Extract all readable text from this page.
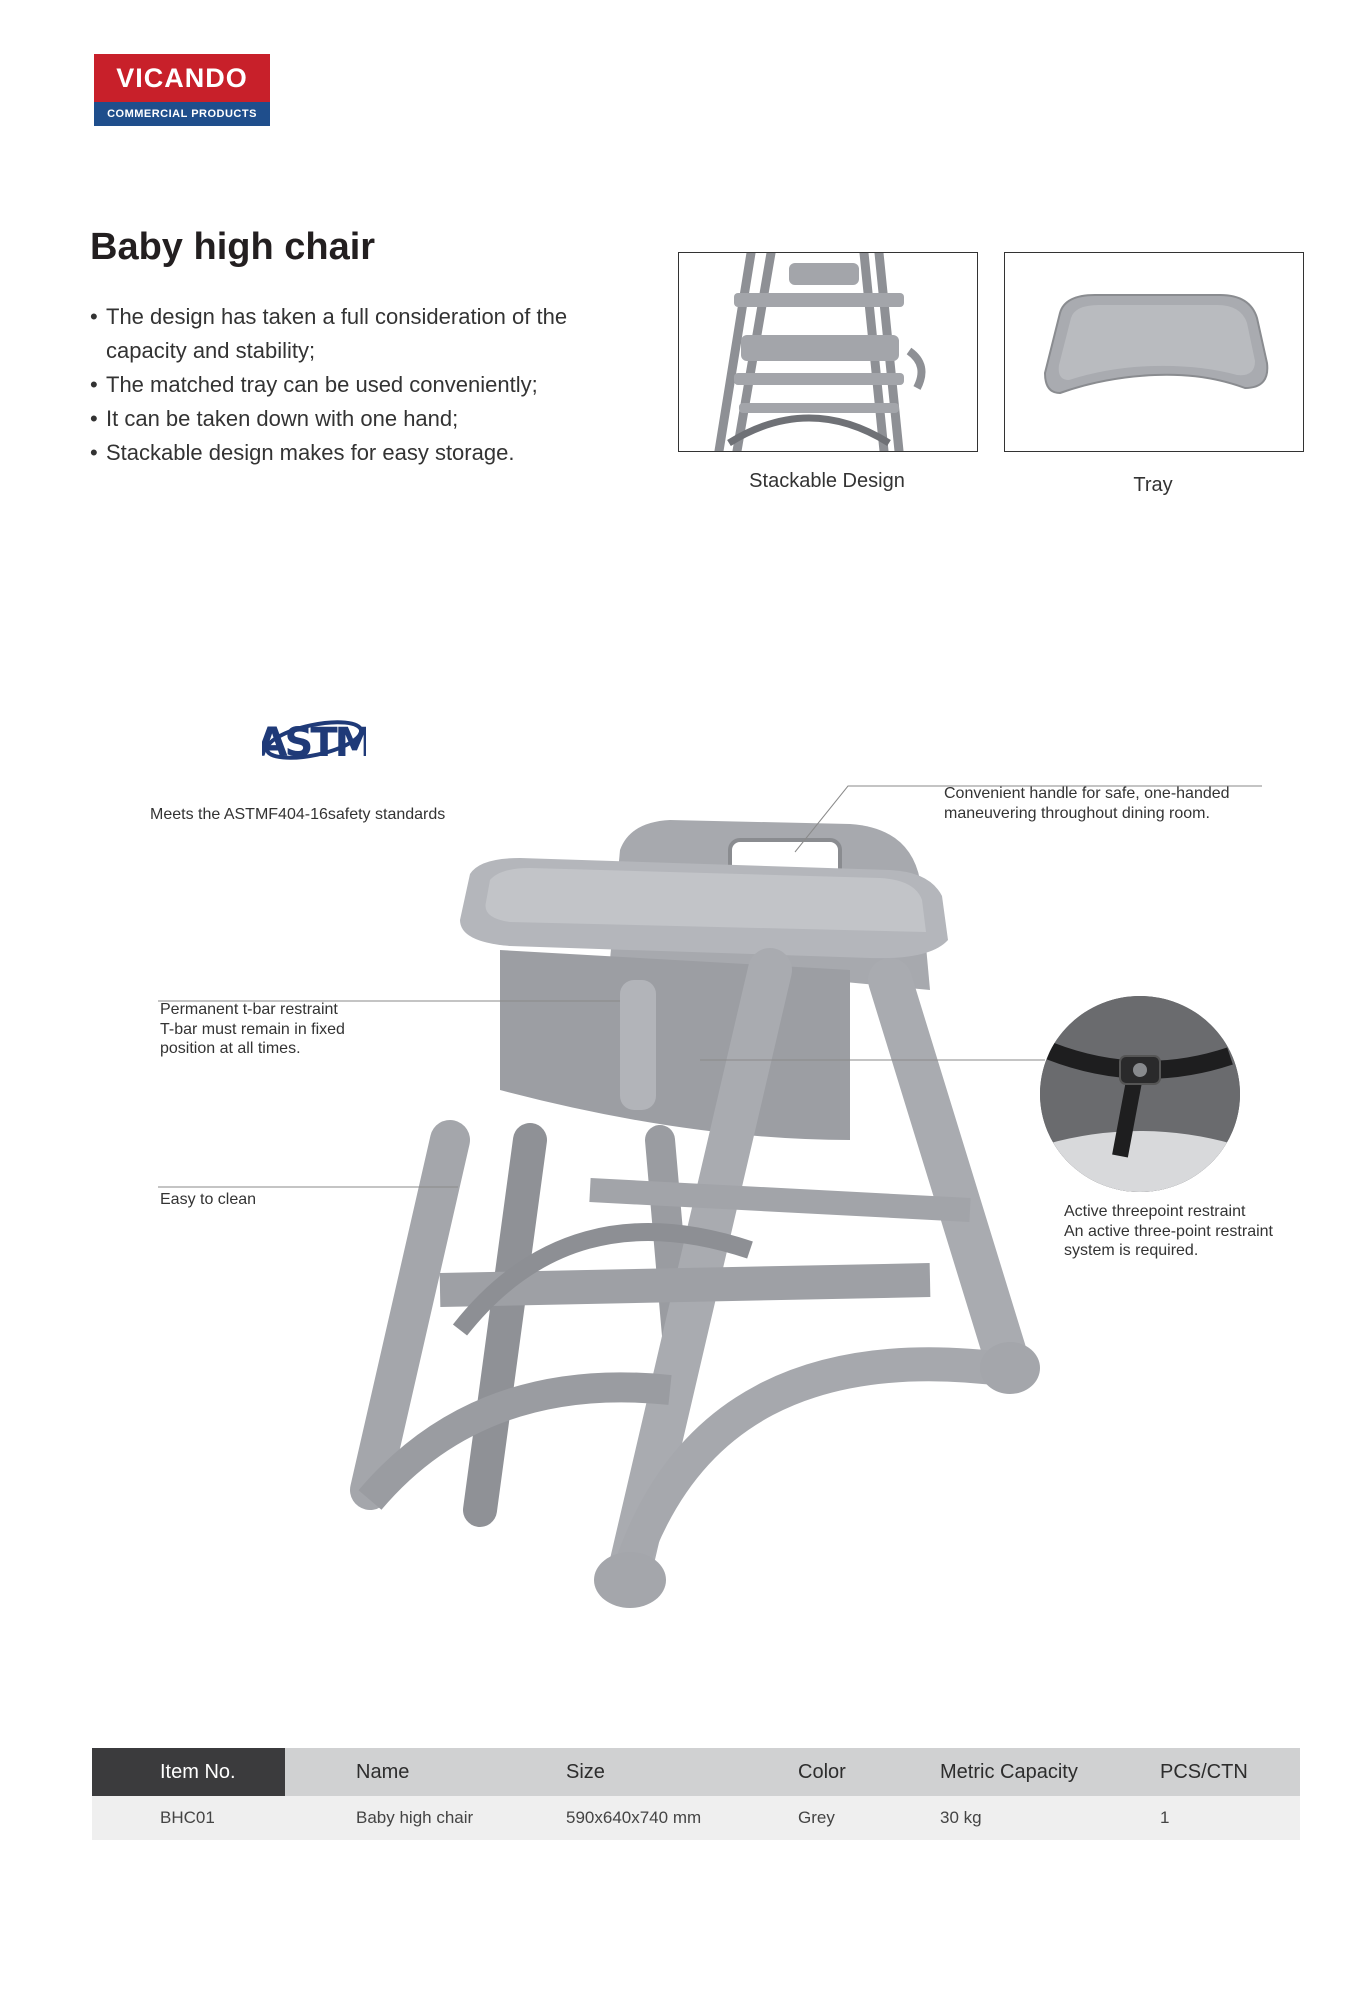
VICANDO
COMMERCIAL PRODUCTS
Baby high chair
• The design has taken a full consideration of the capacity and stability;
• The matched tray can be used conveniently;
• It can be taken down with one hand;
• Stackable design makes for easy storage.
Stackable Design	Tray
ASTM
Meets the ASTMF404-16safety standards
Convenient handle for safe, one-handed
maneuvering throughout dining room.
Permanent t-bar restraint
T-bar must remain in fixed
position at all times.
Easy to clean
Active threepoint restraint
An active three-point restraint
system is required.
Item No.	Name	Size	Color	Metric Capacity	PCS/CTN
BHC01	Baby high chair	590x640x740 mm	Grey	30 kg	1
